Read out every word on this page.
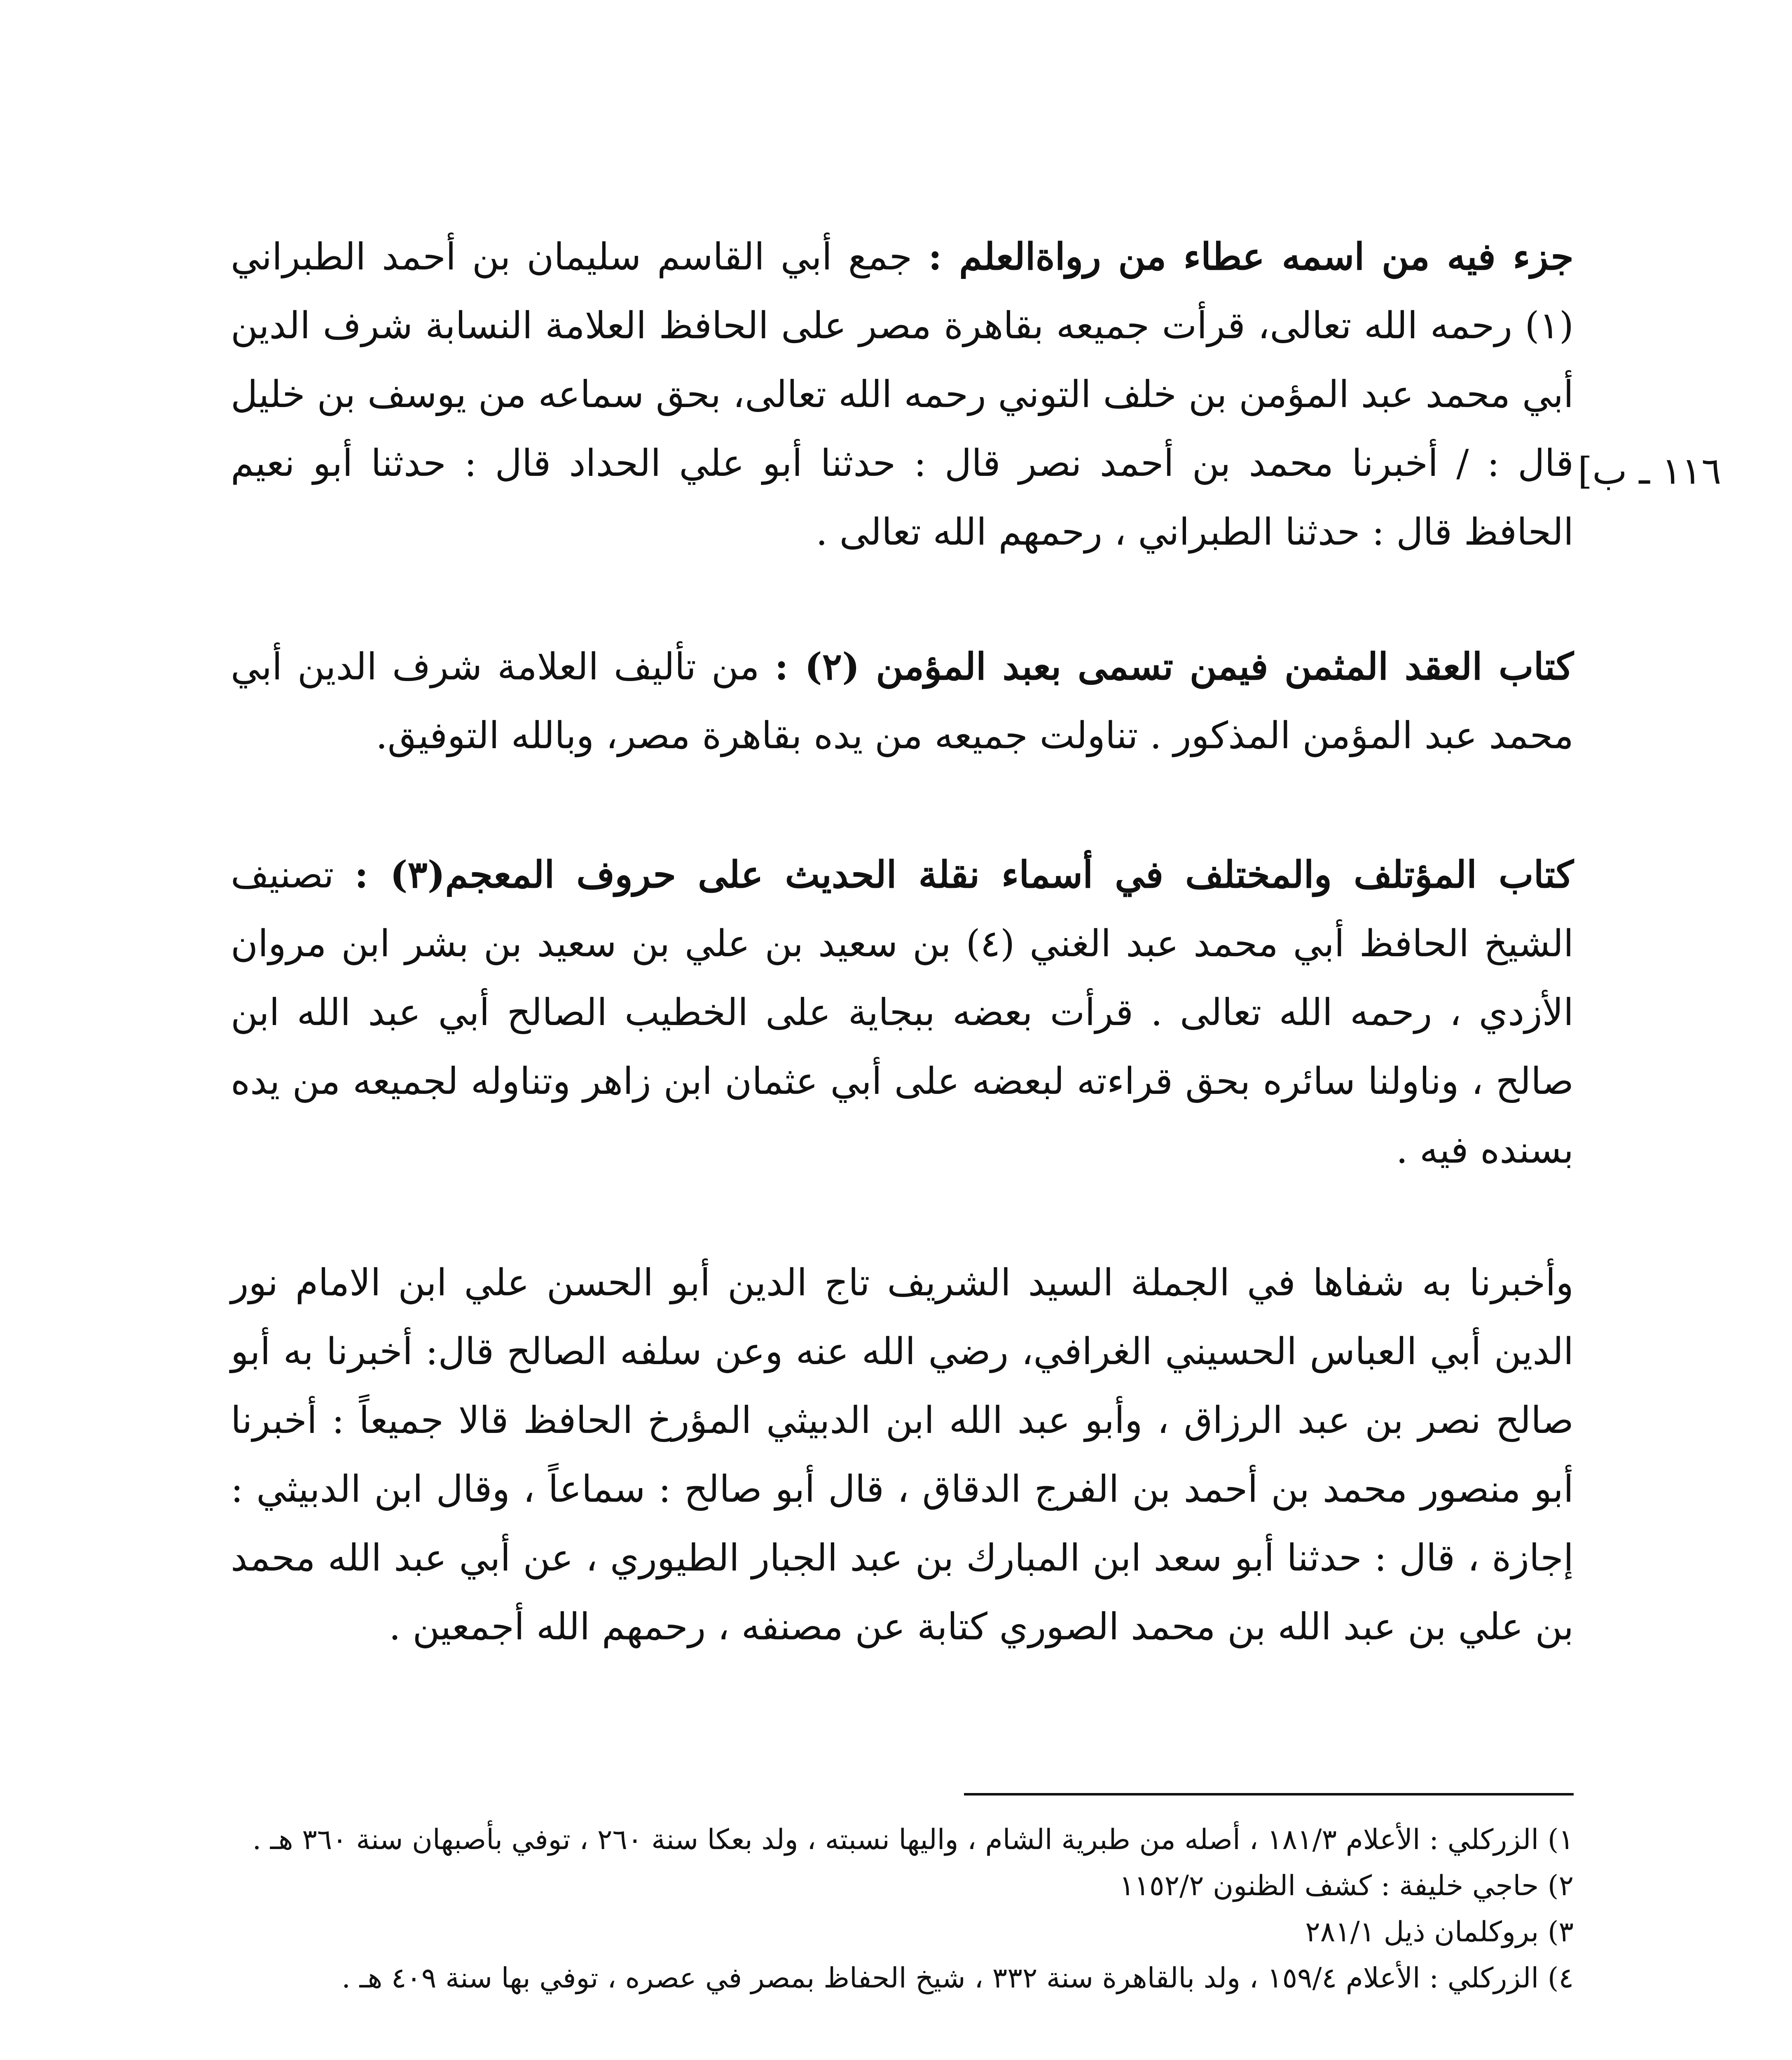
جزء فيه من اسمه عطاء من رواةالعلم : جمع أبي القاسم سليمان بن أحمد الطبراني (١) رحمه الله تعالى، قرأت جميعه بقاهرة مصر على الحافظ العلامة النسابة شرف الدين أبي محمد عبد المؤمن بن خلف التوني رحمه الله تعالى، بحق سماعه من يوسف بن خليل قال : / أخبرنا محمد بن أحمد نصر قال : حدثنا أبو علي الحداد قال : حدثنا أبو نعيم الحافظ قال : حدثنا الطبراني ، رحمهم الله تعالى .
١١٦ ـ ب]
كتاب العقد المثمن فيمن تسمى بعبد المؤمن (٢) : من تأليف العلامة شرف الدين أبي محمد عبد المؤمن المذكور . تناولت جميعه من يده بقاهرة مصر، وبالله التوفيق.
كتاب المؤتلف والمختلف في أسماء نقلة الحديث على حروف المعجم(٣) : تصنيف الشيخ الحافظ أبي محمد عبد الغني (٤) بن سعيد بن علي بن سعيد بن بشر ابن مروان الأزدي ، رحمه الله تعالى . قرأت بعضه ببجاية على الخطيب الصالح أبي عبد الله ابن صالح ، وناولنا سائره بحق قراءته لبعضه على أبي عثمان ابن زاهر وتناوله لجميعه من يده بسنده فيه .
وأخبرنا به شفاها في الجملة السيد الشريف تاج الدين أبو الحسن علي ابن الامام نور الدين أبي العباس الحسيني الغرافي، رضي الله عنه وعن سلفه الصالح قال: أخبرنا به أبو صالح نصر بن عبد الرزاق ، وأبو عبد الله ابن الدبيثي المؤرخ الحافظ قالا جميعاً : أخبرنا أبو منصور محمد بن أحمد بن الفرج الدقاق ، قال أبو صالح : سماعاً ، وقال ابن الدبيثي : إجازة ، قال : حدثنا أبو سعد ابن المبارك بن عبد الجبار الطيوري ، عن أبي عبد الله محمد بن علي بن عبد الله بن محمد الصوري كتابة عن مصنفه ، رحمهم الله أجمعين .
١) الزركلي : الأعلام ١٨١/٣ ، أصله من طبرية الشام ، واليها نسبته ، ولد بعكا سنة ٢٦٠ ، توفي بأصبهان سنة ٣٦٠ هـ .
٢) حاجي خليفة : كشف الظنون ١١٥٢/٢
٣) بروكلمان ذيل ٢٨١/١
٤) الزركلي : الأعلام ١٥٩/٤ ، ولد بالقاهرة سنة ٣٣٢ ، شيخ الحفاظ بمصر في عصره ، توفي بها سنة ٤٠٩ هـ .
